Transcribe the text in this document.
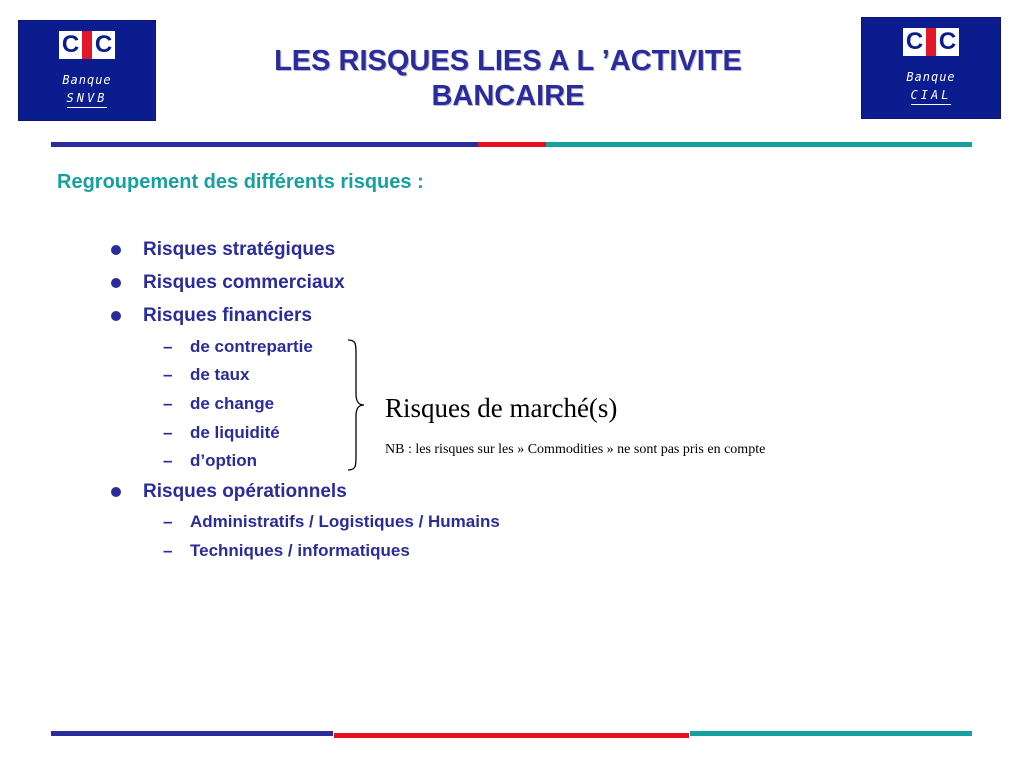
C C
Banque
SNVB
C C
Banque
CIAL
LES RISQUES LIES A L ’ACTIVITE
BANCAIRE
Regroupement des différents risques :
Risques stratégiques
Risques commerciaux
Risques financiers
– de contrepartie
– de taux
– de change
– de liquidité
– d’option
Risques opérationnels
– Administratifs / Logistiques / Humains
– Techniques / informatiques
Risques de marché(s)
NB : les risques sur les » Commodities » ne sont pas pris en compte
